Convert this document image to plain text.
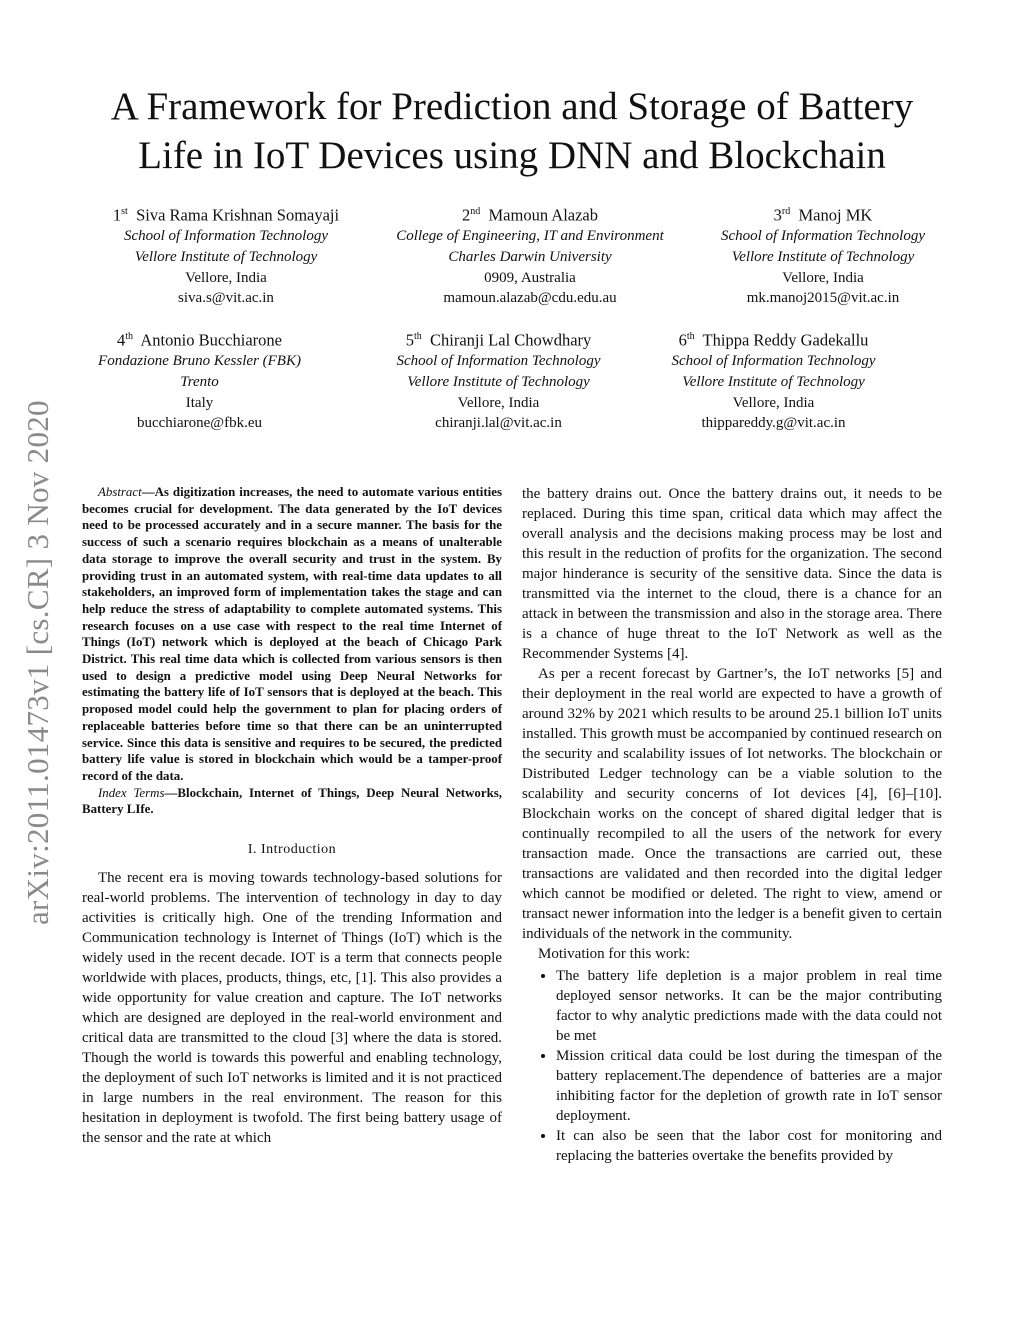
A Framework for Prediction and Storage of Battery
Life in IoT Devices using DNN and Blockchain
1st Siva Rama Krishnan Somayaji
School of Information Technology
Vellore Institute of Technology
Vellore, India
siva.s@vit.ac.in
2nd Mamoun Alazab
College of Engineering, IT and Environment
Charles Darwin University
0909, Australia
mamoun.alazab@cdu.edu.au
3rd Manoj MK
School of Information Technology
Vellore Institute of Technology
Vellore, India
mk.manoj2015@vit.ac.in
4th Antonio Bucchiarone
Fondazione Bruno Kessler (FBK)
Trento
Italy
bucchiarone@fbk.eu
5th Chiranji Lal Chowdhary
School of Information Technology
Vellore Institute of Technology
Vellore, India
chiranji.lal@vit.ac.in
6th Thippa Reddy Gadekallu
School of Information Technology
Vellore Institute of Technology
Vellore, India
thippareddy.g@vit.ac.in
arXiv:2011.01473v1 [cs.CR] 3 Nov 2020	Abstract—As digitization increases, the need to automate various entities becomes crucial for development. The data generated by the IoT devices need to be processed accurately and in a secure manner. The basis for the success of such a scenario requires blockchain as a means of unalterable data storage to improve the overall security and trust in the system. By providing trust in an automated system, with real-time data updates to all stakeholders, an improved form of implementation takes the stage and can help reduce the stress of adaptability to complete automated systems. This research focuses on a use case with respect to the real time Internet of Things (IoT) network which is deployed at the beach of Chicago Park District. This real time data which is collected from various sensors is then used to design a predictive model using Deep Neural Networks for estimating the battery life of IoT sensors that is deployed at the beach. This proposed model could help the government to plan for placing orders of replaceable batteries before time so that there can be an uninterrupted service. Since this data is sensitive and requires to be secured, the predicted battery life value is stored in blockchain which would be a tamper-proof record of the data.

Index Terms—Blockchain, Internet of Things, Deep Neural Networks, Battery LIfe.

I. Introduction

The recent era is moving towards technology-based solutions for real-world problems. The intervention of technology in day to day activities is critically high. One of the trending Information and Communication technology is Internet of Things (IoT) which is the widely used in the recent decade. IOT is a term that connects people worldwide with places, products, things, etc, [1]. This also provides a wide opportunity for value creation and capture. The IoT networks which are designed are deployed in the real-world environment and critical data are transmitted to the cloud [3] where the data is stored. Though the world is towards this powerful and enabling technology, the deployment of such IoT networks is limited and it is not practiced in large numbers in the real environment. The reason for this hesitation in deployment is twofold. The first being battery usage of the sensor and the rate at which

the battery drains out. Once the battery drains out, it needs to be replaced. During this time span, critical data which may affect the overall analysis and the decisions making process may be lost and this result in the reduction of profits for the organization. The second major hinderance is security of the sensitive data. Since the data is transmitted via the internet to the cloud, there is a chance for an attack in between the transmission and also in the storage area. There is a chance of huge threat to the IoT Network as well as the Recommender Systems [4].

As per a recent forecast by Gartner’s, the IoT networks [5] and their deployment in the real world are expected to have a growth of around 32% by 2021 which results to be around 25.1 billion IoT units installed. This growth must be accompanied by continued research on the security and scalability issues of Iot networks. The blockchain or Distributed Ledger technology can be a viable solution to the scalability and security concerns of Iot devices [4], [6]–[10]. Blockchain works on the concept of shared digital ledger that is continually recompiled to all the users of the network for every transaction made. Once the transactions are carried out, these transactions are validated and then recorded into the digital ledger which cannot be modified or deleted. The right to view, amend or transact newer information into the ledger is a benefit given to certain individuals of the network in the community.

Motivation for this work:

• The battery life depletion is a major problem in real time deployed sensor networks. It can be the major contributing factor to why analytic predictions made with the data could not be met
• Mission critical data could be lost during the timespan of the battery replacement.The dependence of batteries are a major inhibiting factor for the depletion of growth rate in IoT sensor deployment.
• It can also be seen that the labor cost for monitoring and replacing the batteries overtake the benefits provided by
